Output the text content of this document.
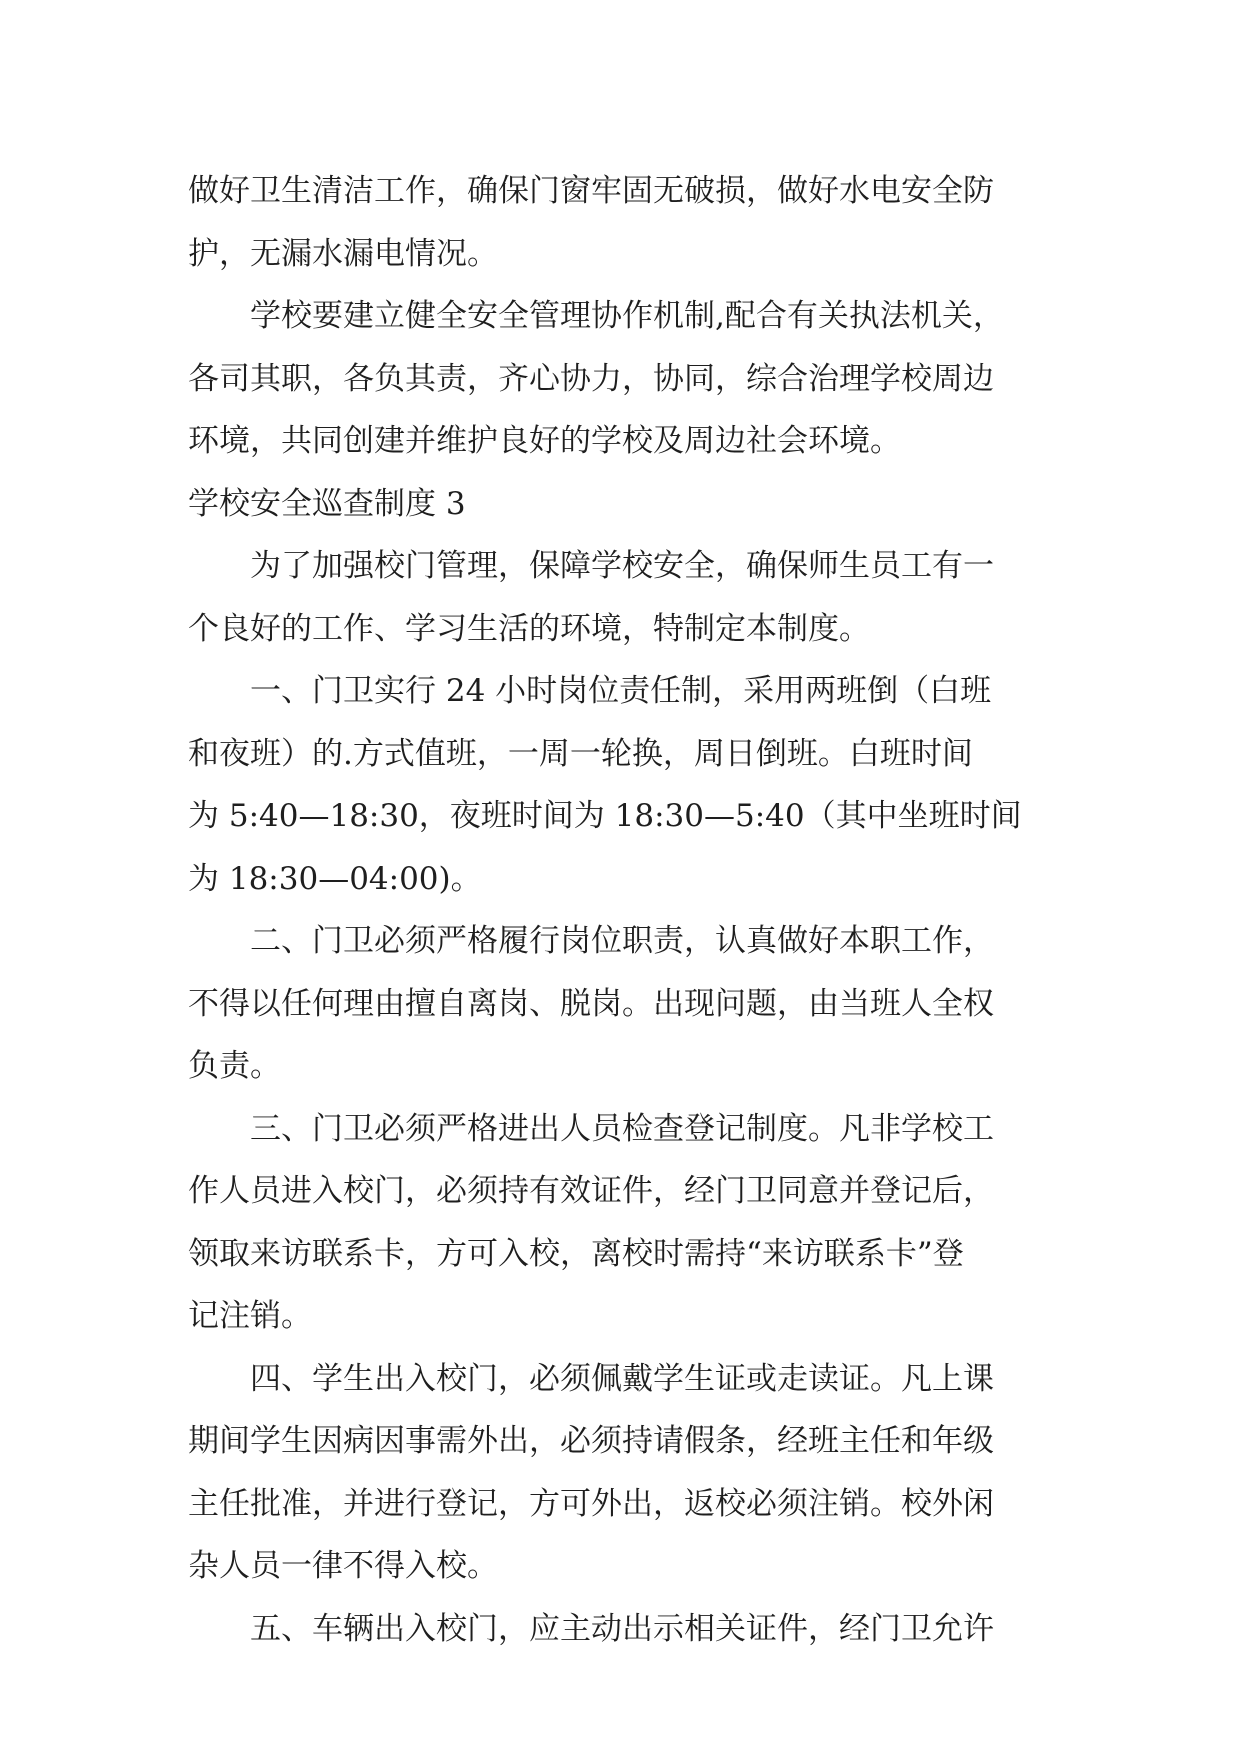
做好卫生清洁工作，确保门窗牢固无破损，做好水电安全防
护，无漏水漏电情况。

学校要建立健全安全管理协作机制,配合有关执法机关，
各司其职，各负其责，齐心协力，协同，综合治理学校周边
环境，共同创建并维护良好的学校及周边社会环境。

学校安全巡查制度 3

为了加强校门管理，保障学校安全，确保师生员工有一
个良好的工作、学习生活的环境，特制定本制度。

一、门卫实行 24 小时岗位责任制，采用两班倒（白班
和夜班）的.方式值班，一周一轮换，周日倒班。白班时间
为 5:40—18:30，夜班时间为 18:30—5:40（其中坐班时间
为 18:30—04:00)。

二、门卫必须严格履行岗位职责，认真做好本职工作，
不得以任何理由擅自离岗、脱岗。出现问题，由当班人全权
负责。

三、门卫必须严格进出人员检查登记制度。凡非学校工
作人员进入校门，必须持有效证件，经门卫同意并登记后，
领取来访联系卡，方可入校，离校时需持“来访联系卡”登
记注销。

四、学生出入校门，必须佩戴学生证或走读证。凡上课
期间学生因病因事需外出，必须持请假条，经班主任和年级
主任批准，并进行登记，方可外出，返校必须注销。校外闲
杂人员一律不得入校。

五、车辆出入校门，应主动出示相关证件，经门卫允许
